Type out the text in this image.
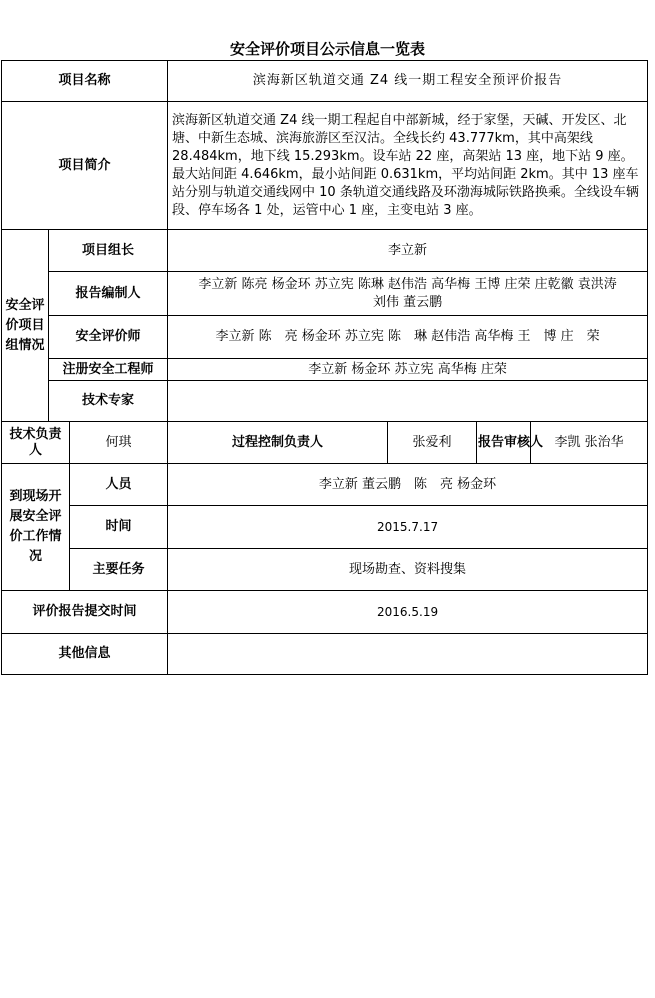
安全评价项目公示信息一览表
项目名称			滨海新区轨道交通 Z4 线一期工程安全预评价报告			
项目简介			滨海新区轨道交通 Z4 线一期工程起自中部新城，经于家堡，天碱、开发区、北塘、中新生态城、滨海旅游区至汉沽。全线长约 43.777km，其中高架线 28.484km，地下线 15.293km。设车站 22 座，高架站 13 座，地下站 9 座。最大站间距 4.646km，最小站间距 0.631km，平均站间距 2km。其中 13 座车站分别与轨道交通线网中 10 条轨道交通线路及环渤海城际铁路换乘。全线设车辆段、停车场各 1 处，运管中心 1 座，主变电站 3 座。			
安全评价项目组情况	项目组长		李立新			
	报告编制人		李立新 陈亮 杨金环 苏立宪 陈琳 赵伟浩 高华梅 王博 庄荣 庄乾徽 袁洪涛 刘伟 董云鹏			
	安全评价师		李立新 陈　亮 杨金环 苏立宪 陈　琳 赵伟浩 高华梅 王　博 庄　荣			
	注册安全工程师		李立新 杨金环 苏立宪 高华梅 庄荣			
	技术专家					
技术负责人		何琪	过程控制负责人	张爱利	报告审核人	李凯 张治华
到现场开展安全评价工作情况		人员	李立新 董云鹏　陈　亮 杨金环			
		时间	2015.7.17			
		主要任务	现场勘查、资料搜集			
评价报告提交时间			2016.5.19			
其他信息						
